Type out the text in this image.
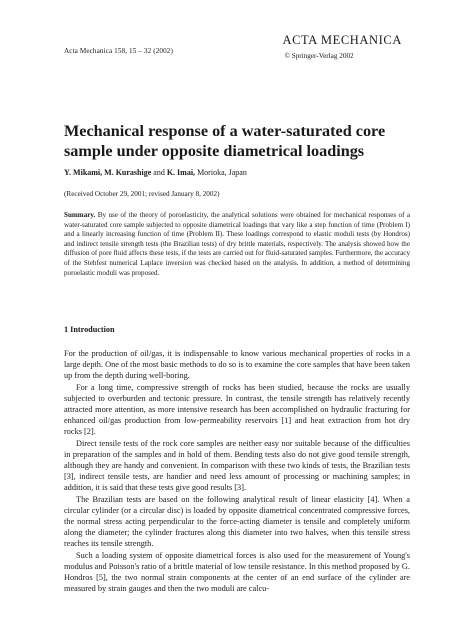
Acta Mechanica 158, 15 – 32 (2002)
ACTA MECHANICA
© Springer-Verlag 2002
Mechanical response of a water-saturated core sample under opposite diametrical loadings
Y. Mikami, M. Kurashige and K. Imai, Morioka, Japan
(Received October 29, 2001; revised January 8, 2002)

Summary. By use of the theory of poroelasticity, the analytical solutions were obtained for mechanical responses of a water-saturated core sample subjected to opposite diametrical loadings that vary like a step function of time (Problem I) and a linearly increasing function of time (Problem II). These loadings correspond to elastic moduli tests (by Hondros) and indirect tensile strength tests (the Brazilian tests) of dry brittle materials, respectively. The analysis showed how the diffusion of pore fluid affects these tests, if the tests are carried out for fluid-saturated samples. Furthermore, the accuracy of the Stehfest numerical Laplace inversion was checked based on the analysis. In addition, a method of determining poroelastic moduli was proposed.

1 Introduction

For the production of oil/gas, it is indispensable to know various mechanical properties of rocks in a large depth. One of the most basic methods to do so is to examine the core samples that have been taken up from the depth during well-boring.

For a long time, compressive strength of rocks has been studied, because the rocks are usually subjected to overburden and tectonic pressure. In contrast, the tensile strength has relatively recently attracted more attention, as more intensive research has been accomplished on hydraulic fracturing for enhanced oil/gas production from low-permeability reservoirs [1] and heat extraction from hot dry rocks [2].

Direct tensile tests of the rock core samples are neither easy nor suitable because of the difficulties in preparation of the samples and in hold of them. Bending tests also do not give good tensile strength, although they are handy and convenient. In comparison with these two kinds of tests, the Brazilian tests [3], indirect tensile tests, are handier and need less amount of processing or machining samples; in addition, it is said that these tests give good results [3].

The Brazilian tests are based on the following analytical result of linear elasticity [4]. When a circular cylinder (or a circular disc) is loaded by opposite diametrical concentrated compressive forces, the normal stress acting perpendicular to the force-acting diameter is tensile and completely uniform along the diameter; the cylinder fractures along this diameter into two halves, when this tensile stress reaches its tensile strength.

Such a loading system of opposite diametrical forces is also used for the measurement of Young's modulus and Poisson's ratio of a brittle material of low tensile resistance. In this method proposed by G. Hondros [5], the two normal strain components at the center of an end surface of the cylinder are measured by strain gauges and then the two moduli are calcu-
